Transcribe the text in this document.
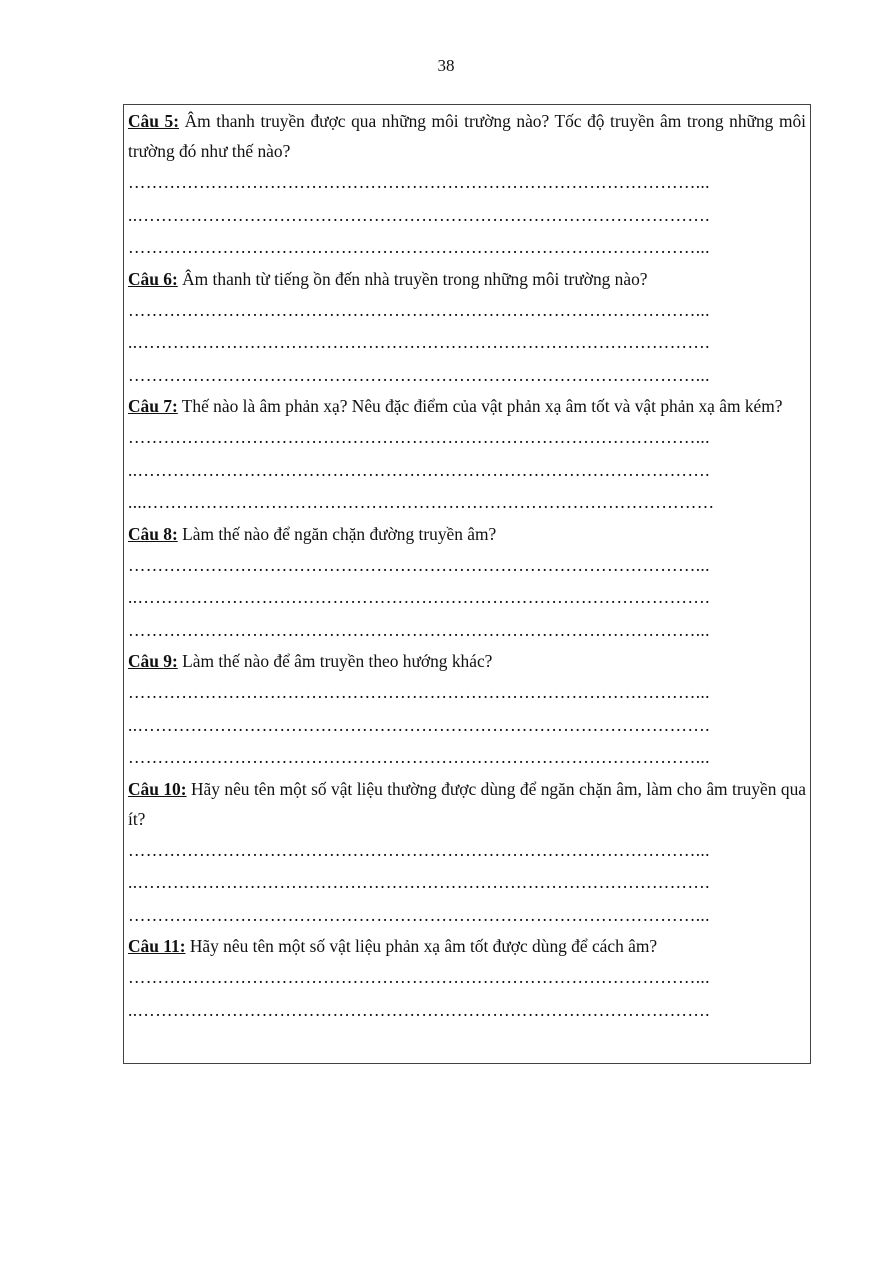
38

Câu 5: Âm thanh truyền được qua những môi trường nào? Tốc độ truyền âm trong những môi trường đó như thế nào?

……………………………………………………………………………………...

..…………………………………………………………………………………….

……………………………………………………………………………………...

Câu 6: Âm thanh từ tiếng ồn đến nhà truyền trong những môi trường nào?

……………………………………………………………………………………...

..…………………………………………………………………………………….

……………………………………………………………………………………...

Câu 7: Thế nào là âm phản xạ? Nêu đặc điểm của vật phản xạ âm tốt và vật phản xạ âm kém?

……………………………………………………………………………………...

..…………………………………………………………………………………….

....……………………………………………………………………………………

Câu 8: Làm thế nào để ngăn chặn đường truyền âm?

……………………………………………………………………………………...

..…………………………………………………………………………………….

……………………………………………………………………………………...

Câu 9: Làm thế nào để âm truyền theo hướng khác?

……………………………………………………………………………………...

..…………………………………………………………………………………….

……………………………………………………………………………………...

Câu 10: Hãy nêu tên một số vật liệu thường được dùng để ngăn chặn âm, làm cho âm truyền qua ít?

……………………………………………………………………………………...

..…………………………………………………………………………………….

……………………………………………………………………………………...

Câu 11: Hãy nêu tên một số vật liệu phản xạ âm tốt được dùng để cách âm?

……………………………………………………………………………………...

..…………………………………………………………………………………….
